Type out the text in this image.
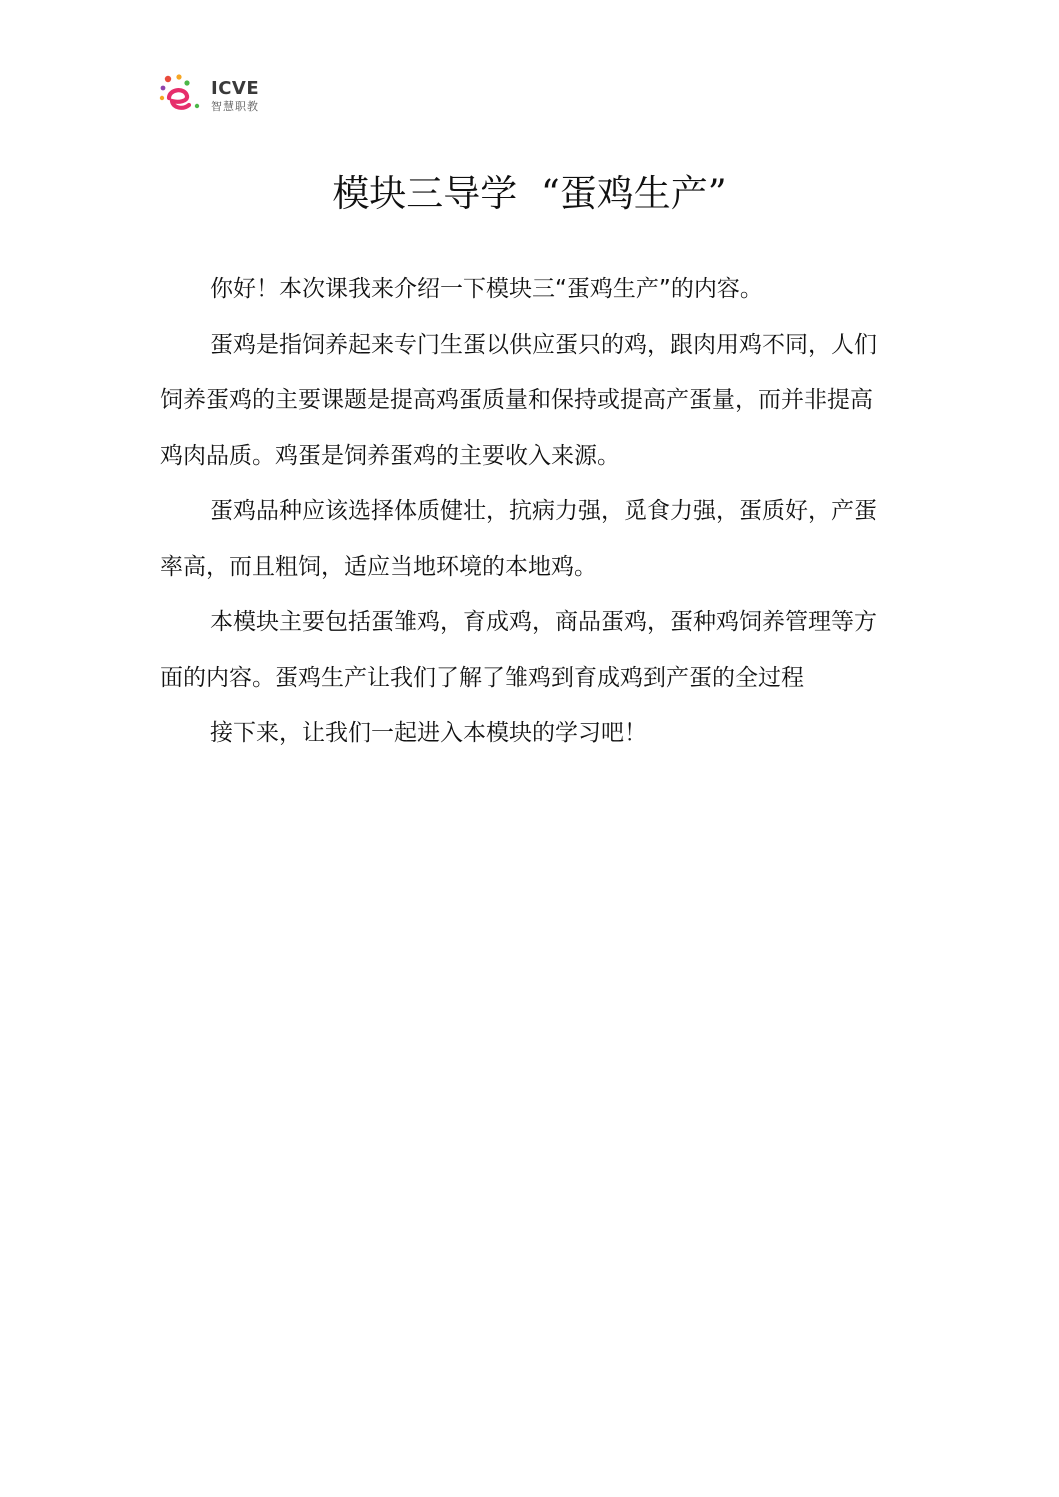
ICVE
智慧职教
模块三导学  “蛋鸡生产”

你好！本次课我来介绍一下模块三“蛋鸡生产”的内容。

蛋鸡是指饲养起来专门生蛋以供应蛋只的鸡，跟肉用鸡不同，人们饲养蛋鸡的主要课题是提高鸡蛋质量和保持或提高产蛋量，而并非提高鸡肉品质。鸡蛋是饲养蛋鸡的主要收入来源。

蛋鸡品种应该选择体质健壮，抗病力强，觅食力强，蛋质好，产蛋率高，而且粗饲，适应当地环境的本地鸡。

本模块主要包括蛋雏鸡，育成鸡，商品蛋鸡，蛋种鸡饲养管理等方面的内容。蛋鸡生产让我们了解了雏鸡到育成鸡到产蛋的全过程

接下来，让我们一起进入本模块的学习吧！
